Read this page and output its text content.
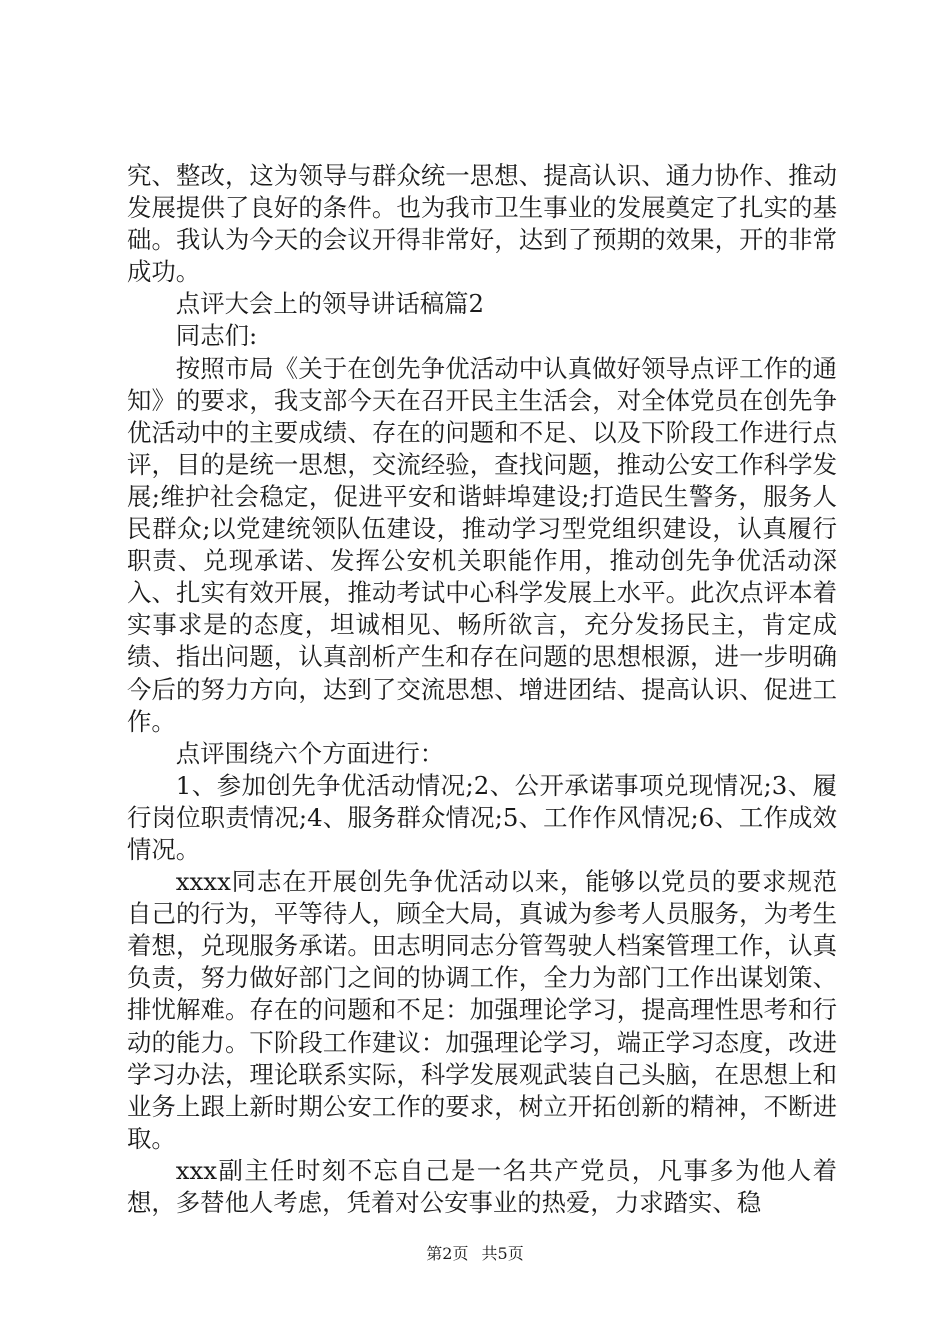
究、整改，这为领导与群众统一思想、提高认识、通力协作、推动发展提供了良好的条件。也为我市卫生事业的发展奠定了扎实的基础。我认为今天的会议开得非常好，达到了预期的效果，开的非常成功。

点评大会上的领导讲话稿篇2

同志们:

按照市局《关于在创先争优活动中认真做好领导点评工作的通知》的要求，我支部今天在召开民主生活会，对全体党员在创先争优活动中的主要成绩、存在的问题和不足、以及下阶段工作进行点评，目的是统一思想，交流经验，查找问题，推动公安工作科学发展;维护社会稳定，促进平安和谐蚌埠建设;打造民生警务，服务人民群众;以党建统领队伍建设，推动学习型党组织建设，认真履行职责、兑现承诺、发挥公安机关职能作用，推动创先争优活动深入、扎实有效开展，推动考试中心科学发展上水平。此次点评本着实事求是的态度，坦诚相见、畅所欲言，充分发扬民主，肯定成绩、指出问题，认真剖析产生和存在问题的思想根源，进一步明确今后的努力方向，达到了交流思想、增进团结、提高认识、促进工作。

点评围绕六个方面进行：

1、参加创先争优活动情况;2、公开承诺事项兑现情况;3、履行岗位职责情况;4、服务群众情况;5、工作作风情况;6、工作成效情况。

xxxx同志在开展创先争优活动以来，能够以党员的要求规范自己的行为，平等待人，顾全大局，真诚为参考人员服务，为考生着想，兑现服务承诺。田志明同志分管驾驶人档案管理工作，认真负责，努力做好部门之间的协调工作，全力为部门工作出谋划策、排忧解难。存在的问题和不足：加强理论学习，提高理性思考和行动的能力。下阶段工作建议：加强理论学习，端正学习态度，改进学习办法，理论联系实际，科学发展观武装自己头脑，在思想上和业务上跟上新时期公安工作的要求，树立开拓创新的精神，不断进取。

xxx副主任时刻不忘自己是一名共产党员，凡事多为他人着想，多替他人考虑，凭着对公安事业的热爱，力求踏实、稳

第2页 共5页
